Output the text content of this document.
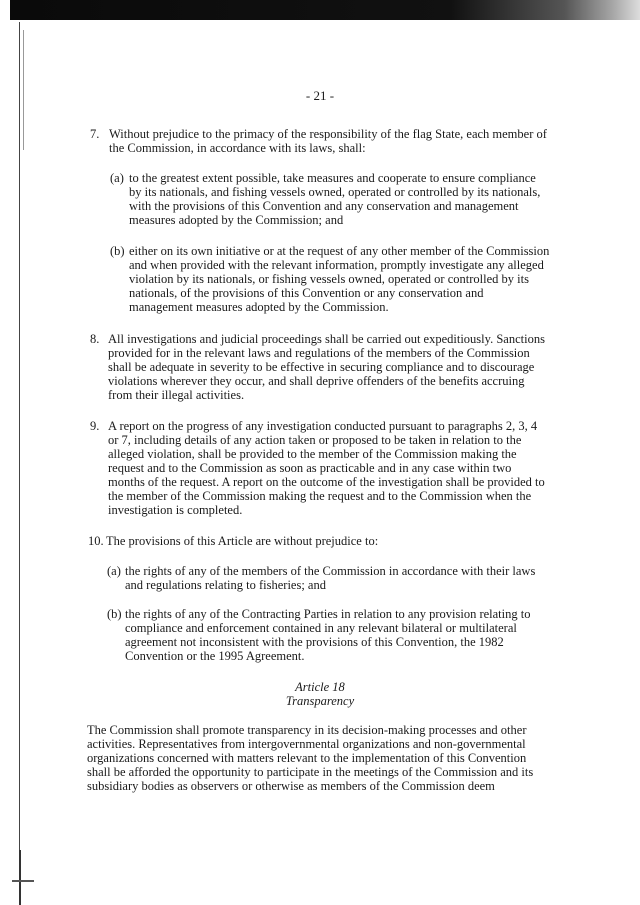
- 21 -
7. Without prejudice to the primacy of the responsibility of the flag State, each member of the Commission, in accordance with its laws, shall:
(a) to the greatest extent possible, take measures and cooperate to ensure compliance by its nationals, and fishing vessels owned, operated or controlled by its nationals, with the provisions of this Convention and any conservation and management measures adopted by the Commission; and
(b) either on its own initiative or at the request of any other member of the Commission and when provided with the relevant information, promptly investigate any alleged violation by its nationals, or fishing vessels owned, operated or controlled by its nationals, of the provisions of this Convention or any conservation and management measures adopted by the Commission.
8. All investigations and judicial proceedings shall be carried out expeditiously. Sanctions provided for in the relevant laws and regulations of the members of the Commission shall be adequate in severity to be effective in securing compliance and to discourage violations wherever they occur, and shall deprive offenders of the benefits accruing from their illegal activities.
9. A report on the progress of any investigation conducted pursuant to paragraphs 2, 3, 4 or 7, including details of any action taken or proposed to be taken in relation to the alleged violation, shall be provided to the member of the Commission making the request and to the Commission as soon as practicable and in any case within two months of the request. A report on the outcome of the investigation shall be provided to the member of the Commission making the request and to the Commission when the investigation is completed.
10. The provisions of this Article are without prejudice to:
(a) the rights of any of the members of the Commission in accordance with their laws and regulations relating to fisheries; and
(b) the rights of any of the Contracting Parties in relation to any provision relating to compliance and enforcement contained in any relevant bilateral or multilateral agreement not inconsistent with the provisions of this Convention, the 1982 Convention or the 1995 Agreement.
Article 18
Transparency
The Commission shall promote transparency in its decision-making processes and other activities. Representatives from intergovernmental organizations and non-governmental organizations concerned with matters relevant to the implementation of this Convention shall be afforded the opportunity to participate in the meetings of the Commission and its subsidiary bodies as observers or otherwise as members of the Commission deem
